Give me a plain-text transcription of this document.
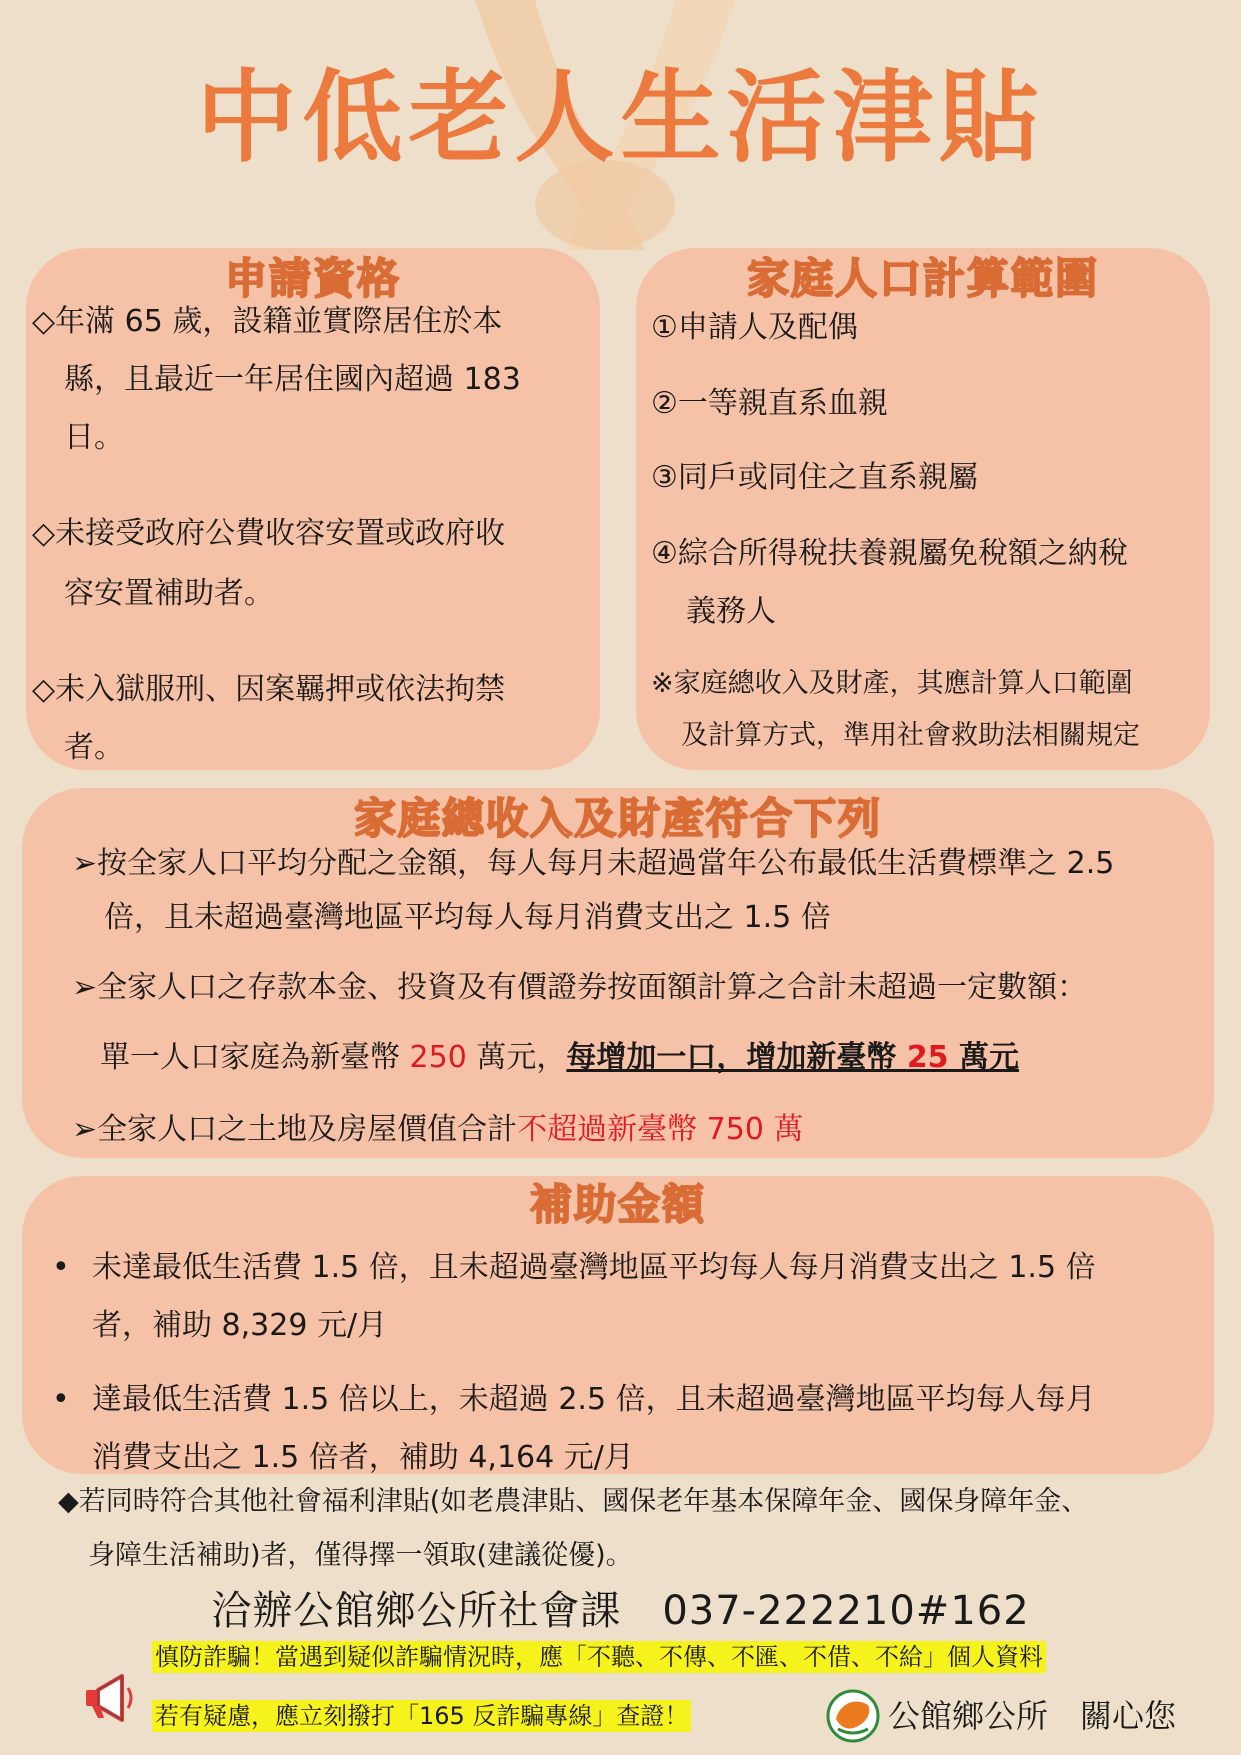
中低老人生活津貼
申請資格
◇年滿 65 歲，設籍並實際居住於本
縣，且最近一年居住國內超過 183
日。
◇未接受政府公費收容安置或政府收
容安置補助者。
◇未入獄服刑、因案羈押或依法拘禁
者。
家庭人口計算範圍
①申請人及配偶
②一等親直系血親
③同戶或同住之直系親屬
④綜合所得稅扶養親屬免稅額之納稅
義務人
※家庭總收入及財產，其應計算人口範圍
及計算方式，準用社會救助法相關規定
家庭總收入及財產符合下列
➢按全家人口平均分配之金額，每人每月未超過當年公布最低生活費標準之 2.5
倍，且未超過臺灣地區平均每人每月消費支出之 1.5 倍
➢全家人口之存款本金、投資及有價證券按面額計算之合計未超過一定數額：
單一人口家庭為新臺幣 250 萬元，每增加一口，增加新臺幣 25 萬元
➢全家人口之土地及房屋價值合計不超過新臺幣 750 萬
補助金額
• 未達最低生活費 1.5 倍，且未超過臺灣地區平均每人每月消費支出之 1.5 倍
者，補助 8,329 元/月
• 達最低生活費 1.5 倍以上，未超過 2.5 倍，且未超過臺灣地區平均每人每月
消費支出之 1.5 倍者，補助 4,164 元/月
◆若同時符合其他社會福利津貼(如老農津貼、國保老年基本保障年金、國保身障年金、
身障生活補助)者，僅得擇一領取(建議從優)。
洽辦公館鄉公所社會課　037-222210#162
慎防詐騙！當遇到疑似詐騙情況時，應「不聽、不傳、不匯、不借、不給」個人資料
若有疑慮，應立刻撥打「165 反詐騙專線」查證！	公館鄉公所　關心您
